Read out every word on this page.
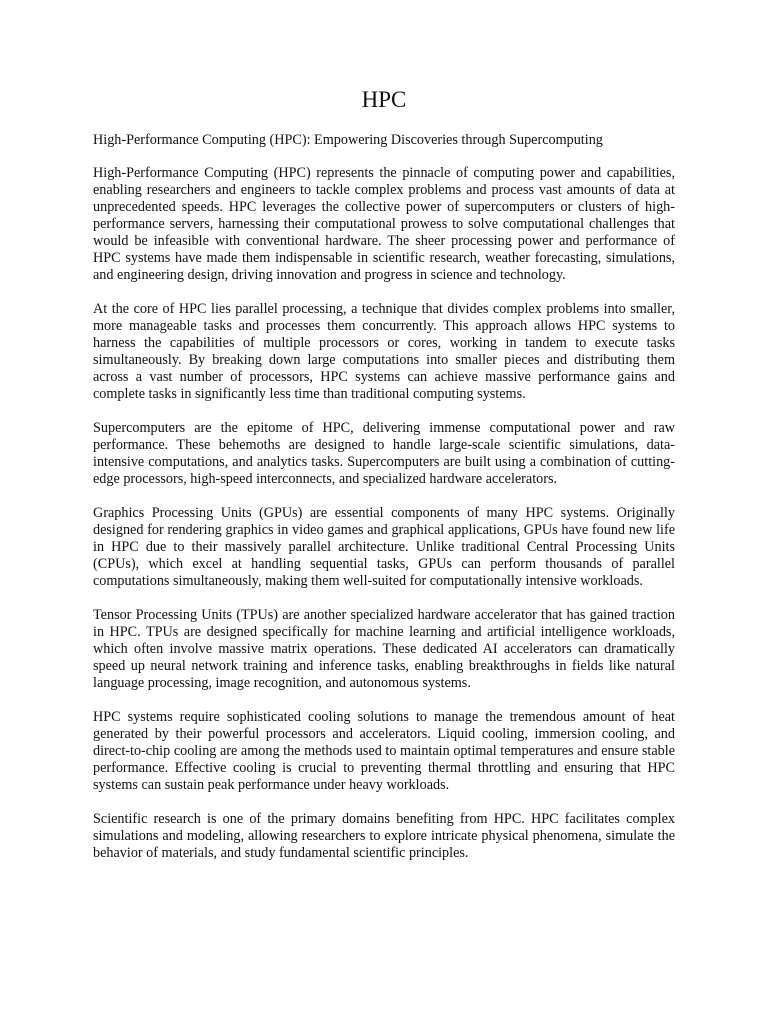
HPC

High-Performance Computing (HPC): Empowering Discoveries through Supercomputing

High-Performance Computing (HPC) represents the pinnacle of computing power and capabilities, enabling researchers and engineers to tackle complex problems and process vast amounts of data at unprecedented speeds. HPC leverages the collective power of supercomputers or clusters of high-performance servers, harnessing their computational prowess to solve computational challenges that would be infeasible with conventional hardware. The sheer processing power and performance of HPC systems have made them indispensable in scientific research, weather forecasting, simulations, and engineering design, driving innovation and progress in science and technology.

At the core of HPC lies parallel processing, a technique that divides complex problems into smaller, more manageable tasks and processes them concurrently. This approach allows HPC systems to harness the capabilities of multiple processors or cores, working in tandem to execute tasks simultaneously. By breaking down large computations into smaller pieces and distributing them across a vast number of processors, HPC systems can achieve massive performance gains and complete tasks in significantly less time than traditional computing systems.

Supercomputers are the epitome of HPC, delivering immense computational power and raw performance. These behemoths are designed to handle large-scale scientific simulations, data-intensive computations, and analytics tasks. Supercomputers are built using a combination of cutting-edge processors, high-speed interconnects, and specialized hardware accelerators.

Graphics Processing Units (GPUs) are essential components of many HPC systems. Originally designed for rendering graphics in video games and graphical applications, GPUs have found new life in HPC due to their massively parallel architecture. Unlike traditional Central Processing Units (CPUs), which excel at handling sequential tasks, GPUs can perform thousands of parallel computations simultaneously, making them well-suited for computationally intensive workloads.

Tensor Processing Units (TPUs) are another specialized hardware accelerator that has gained traction in HPC. TPUs are designed specifically for machine learning and artificial intelligence workloads, which often involve massive matrix operations. These dedicated AI accelerators can dramatically speed up neural network training and inference tasks, enabling breakthroughs in fields like natural language processing, image recognition, and autonomous systems.

HPC systems require sophisticated cooling solutions to manage the tremendous amount of heat generated by their powerful processors and accelerators. Liquid cooling, immersion cooling, and direct-to-chip cooling are among the methods used to maintain optimal temperatures and ensure stable performance. Effective cooling is crucial to preventing thermal throttling and ensuring that HPC systems can sustain peak performance under heavy workloads.

Scientific research is one of the primary domains benefiting from HPC. HPC facilitates complex simulations and modeling, allowing researchers to explore intricate physical phenomena, simulate the behavior of materials, and study fundamental scientific principles.
